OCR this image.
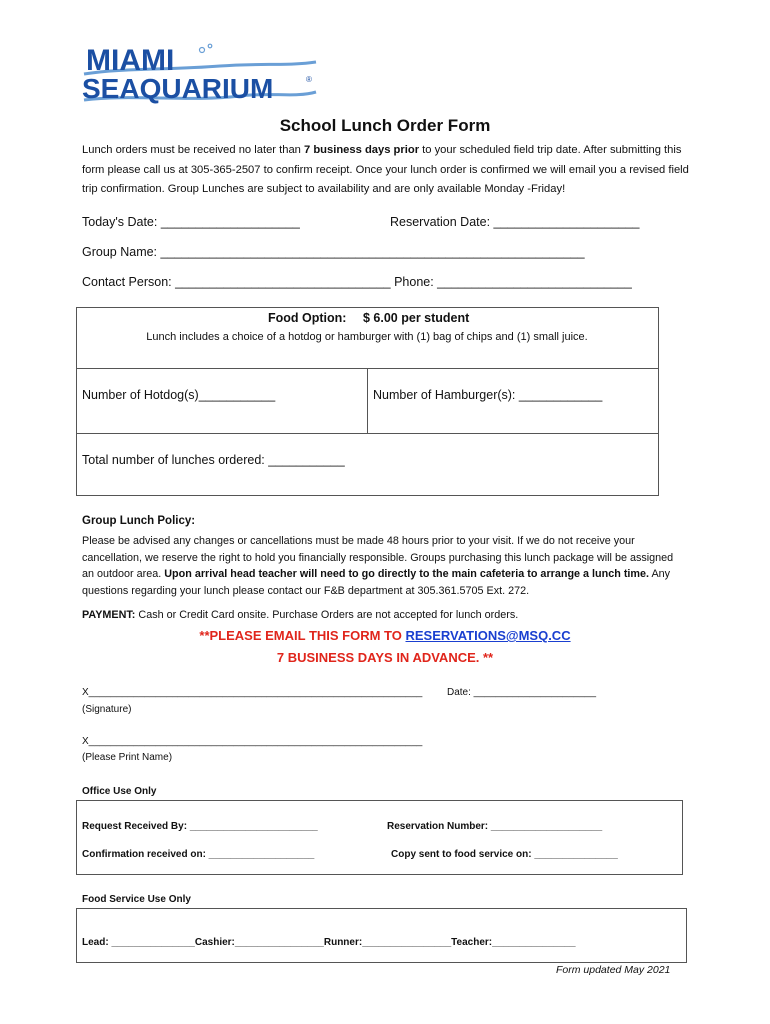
MIAMI
SEAQUARIUM	®
School Lunch Order Form
Lunch orders must be received no later than 7 business days prior to your scheduled field trip date. After submitting this form please call us at 305-365-2507 to confirm receipt. Once your lunch order is confirmed we will email you a revised field trip confirmation. Group Lunches are subject to availability and are only available Monday -Friday!
Today's Date: ____________________	Reservation Date: _____________________
Group Name: _____________________________________________________________
Contact Person: _______________________________ Phone: ____________________________
Food Option: $ 6.00 per student
Lunch includes a choice of a hotdog or hamburger with (1) bag of chips and (1) small juice.
Number of Hotdog(s)___________	Number of Hamburger(s): ____________
Total number of lunches ordered: ___________
Group Lunch Policy:
Please be advised any changes or cancellations must be made 48 hours prior to your visit. If we do not receive your cancellation, we reserve the right to hold you financially responsible. Groups purchasing this lunch package will be assigned an outdoor area. Upon arrival head teacher will need to go directly to the main cafeteria to arrange a lunch time. Any questions regarding your lunch please contact our F&B department at 305.361.5705 Ext. 272.
PAYMENT: Cash or Credit Card onsite. Purchase Orders are not accepted for lunch orders.
**PLEASE EMAIL THIS FORM TO RESERVATIONS@MSQ.CC
7 BUSINESS DAYS IN ADVANCE. **
X____________________________________________________________ Date: ______________________
(Signature)
X____________________________________________________________
(Please Print Name)
Office Use Only
Request Received By: _______________________	Reservation Number: ____________________
Confirmation received on: ___________________	Copy sent to food service on: _______________
Food Service Use Only
Lead: _______________Cashier:________________Runner:________________Teacher:_______________
Form updated May 2021
